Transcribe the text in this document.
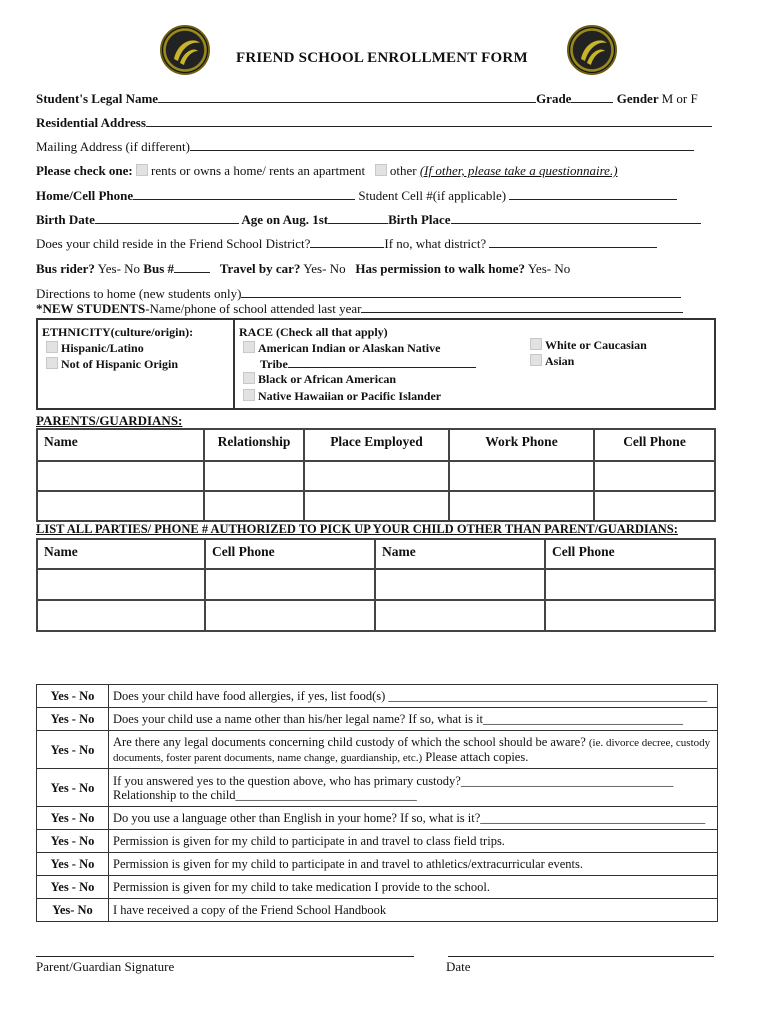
FRIEND SCHOOL ENROLLMENT FORM
Student's Legal Name	Grade	Gender M or F
Residential Address
Mailing Address (if different)
Please check one: rents or owns a home/ rents an apartment other (If other, please take a questionnaire.)
Home/Cell Phone	Student Cell #(if applicable)
Birth Date	Age on Aug. 1st	Birth Place
Does your child reside in the Friend School District?	If no, what district?
Bus rider? Yes- No Bus #	Travel by car? Yes- No Has permission to walk home? Yes- No
Directions to home (new students only)
*NEW STUDENTS-Name/phone of school attended last year
ETHNICITY(culture/origin):
Hispanic/Latino
Not of Hispanic Origin
RACE (Check all that apply)
American Indian or Alaskan Native
Tribe
Black or African American
Native Hawaiian or Pacific Islander
White or Caucasian
Asian
PARENTS/GUARDIANS:
Name	Relationship	Place Employed	Work Phone	Cell Phone

LIST ALL PARTIES/ PHONE # AUTHORIZED TO PICK UP YOUR CHILD OTHER THAN PARENT/GUARDIANS:
Name	Cell Phone	Name	Cell Phone

Yes - No	Does your child have food allergies, if yes, list food(s) ___________________________________________________
Yes - No	Does your child use a name other than his/her legal name? If so, what is it________________________________
Yes - No	Are there any legal documents concerning child custody of which the school should be aware? (ie. divorce decree, custody documents, foster parent documents, name change, guardianship, etc.) Please attach copies.
Yes - No	If you answered yes to the question above, who has primary custody?__________________________________
Relationship to the child_____________________________

Yes - No	Do you use a language other than English in your home? If so, what is it?____________________________________
Yes - No	Permission is given for my child to participate in and travel to class field trips.
Yes - No	Permission is given for my child to participate in and travel to athletics/extracurricular events.
Yes - No	Permission is given for my child to take medication I provide to the school.
Yes- No	I have received a copy of the Friend School Handbook
Parent/Guardian Signature	Date
